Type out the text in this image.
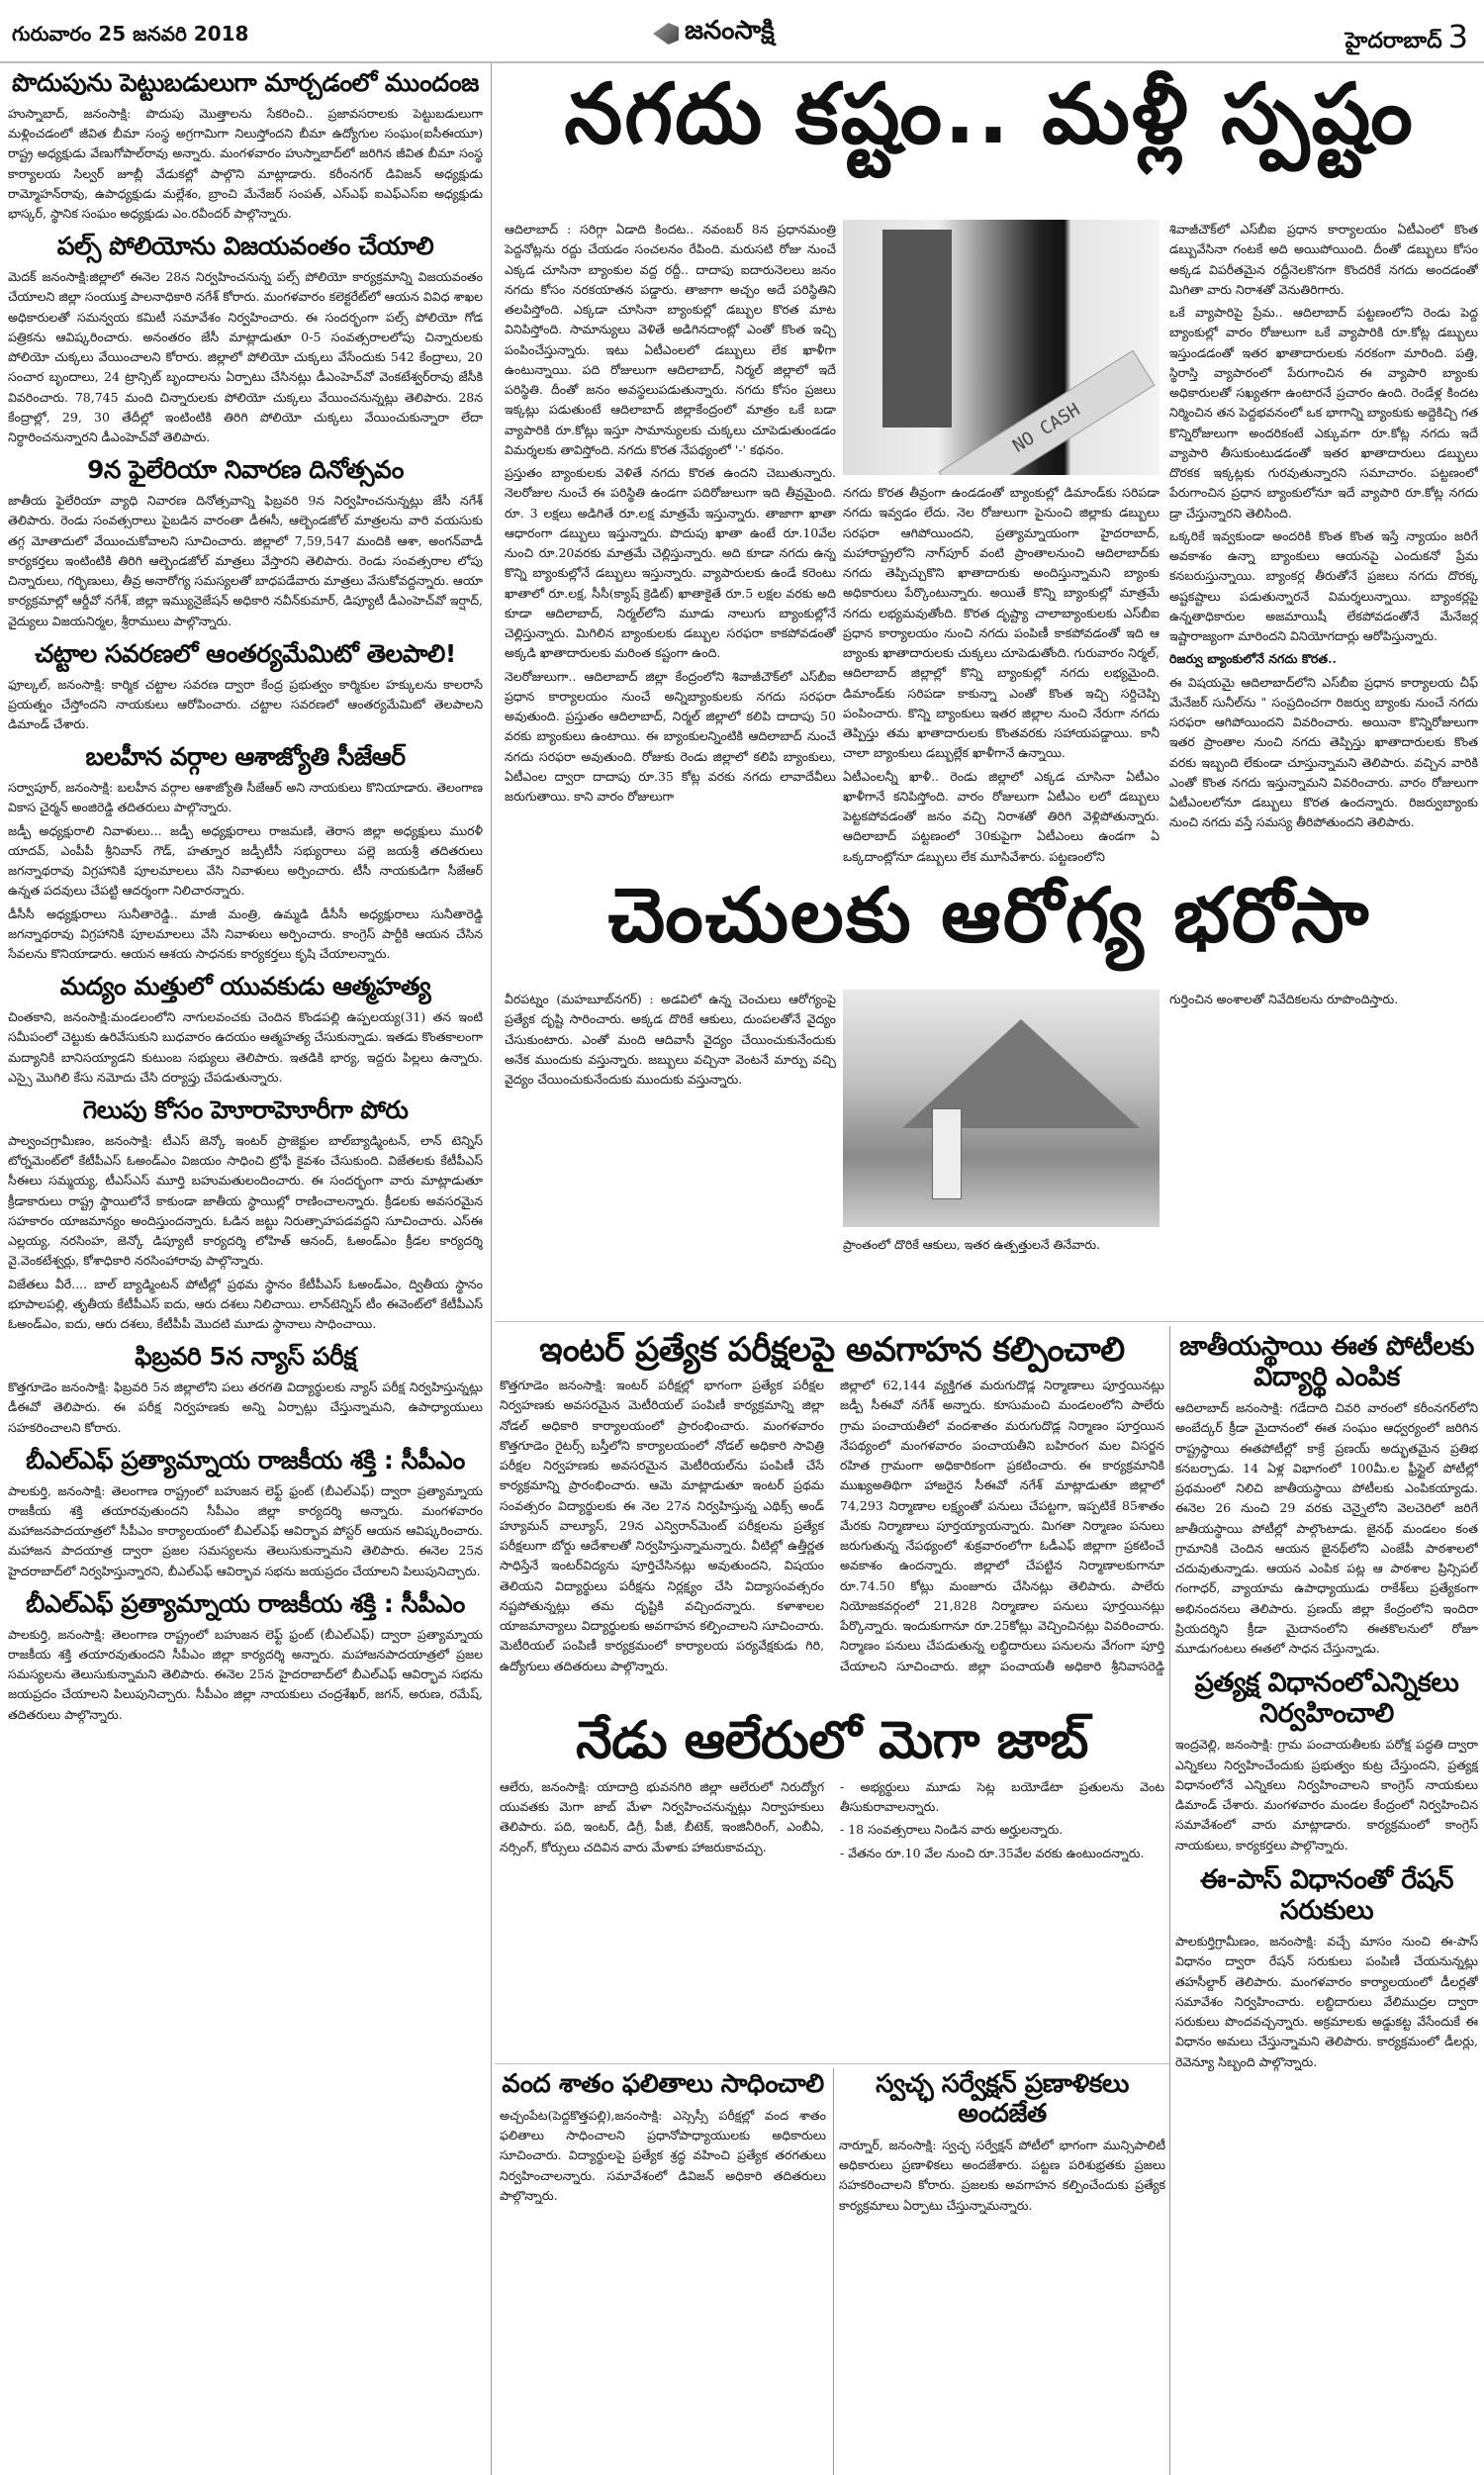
గురువారం 25 జనవరి 2018	జనంసాక్షి	హైదరాబాద్ 3
పొదుపును పెట్టుబడులుగా మార్చడంలో ముందంజ

హుస్నాబాద్, జనంసాక్షి: పొదుపు మొత్తాలను సేకరించి.. ప్రజావసరాలకు పెట్టుబడులుగా మళ్లించడంలో జీవిత బీమా సంస్థ అగ్రగామిగా నిలుస్తోందని బీమా ఉద్యోగుల సంఘం(ఐసీఈయూ) రాష్ట్ర అధ్యక్షుడు వేణుగోపాల్‌రావు అన్నారు. మంగళవారం హుస్నాబాద్‌లో జరిగిన జీవిత బీమా సంస్థ కార్యాలయ సిల్వర్ జూబ్లీ వేడుకల్లో పాల్గొని మాట్లాడారు. కరీంనగర్ డివిజన్ అధ్యక్షుడు రామ్మోహన్‌రావు, ఉపాధ్యక్షుడు మల్లేశం, బ్రాంచి మేనేజర్ సంపత్, ఎస్‌ఎఫ్ ఐఎఫ్‌ఎస్ఐ అధ్యక్షుడు భాస్కర్, స్థానిక సంఘం అధ్యక్షుడు ఎం.రవీందర్ పాల్గొన్నారు.

పల్స్ పోలియోను విజయవంతం చేయాలి

మెదక్ జనంసాక్షి:జిల్లాలో ఈనెల 28న నిర్వహించనున్న పల్స్ పోలియో కార్యక్రమాన్ని విజయవంతం చేయాలని జిల్లా సంయుక్త పాలనాధికారి నగేశ్ కోరారు. మంగళవారం కలెక్టరేట్‌లో ఆయన వివిధ శాఖల అధికారులతో సమన్వయ కమిటీ సమావేశం నిర్వహించారు. ఈ సందర్భంగా పల్స్ పోలియో గోడ పత్రికను ఆవిష్కరించారు. అనంతరం జేసీ మాట్లాడుతూ 0-5 సంవత్సరాలలోపు చిన్నారులకు పోలియో చుక్కలు వేయించాలని కోరారు. జిల్లాలో పోలియో చుక్కలు వేసేందుకు 542 కేంద్రాలు, 20 సంచార బృందాలు, 24 ట్రాన్సిట్ బృందాలను ఏర్పాటు చేసినట్లు డీఎంహెచ్‌వో వెంకటేశ్వర్‌రావు జేసీకి వివరించారు. 78,745 మంది చిన్నారులకు పోలియో చుక్కలు వేయించనున్నట్లు తెలిపారు. 28న కేంద్రాల్లో, 29, 30 తేదీల్లో ఇంటింటికి తిరిగి పోలియో చుక్కలు వేయించుకున్నారా లేదా నిర్ధారించనున్నారని డీఎంహెచ్‌వో తెలిపారు.

9న ఫైలేరియా నివారణ దినోత్సవం

జాతీయ ఫైలేరియా వ్యాధి నివారణ దినోత్సవాన్ని ఫిబ్రవరి 9న నిర్వహించనున్నట్లు జేసీ నగేశ్ తెలిపారు. రెండు సంవత్సరాలు పైబడిన వారంతా డీఈసీ, ఆల్బెండజోల్ మాత్రలను వారి వయసుకు తగ్గ మోతాదులో వేయించుకోవాలని సూచించారు. జిల్లాలో 7,59,547 మందికి ఆశా, అంగన్‌వాడీ కార్యకర్తలు ఇంటింటికి తిరిగి ఆల్బెండజోల్ మాత్రలు వేస్తారని తెలిపారు. రెండు సంవత్సరాల లోపు చిన్నారులు, గర్భిణులు, తీవ్ర అనారోగ్య సమస్యలతో బాధపడేవారు మాత్రలు వేసుకోవద్దన్నారు. ఆయా కార్యక్రమాల్లో ఆర్డీవో నగేశ్, జిల్లా ఇమ్యునైజేషన్ అధికారి నవీన్‌కుమార్, డిప్యూటీ డీఎంహెచ్‌వో ఇర్షాద్, వైద్యులు విజయనిర్మల, శ్రీరాములు పాల్గొన్నారు.

చట్టాల సవరణలో ఆంతర్యమేమిటో తెలపాలి!

ఫూల్కల్, జనంసాక్షి: కార్మిక చట్టాల సవరణ ద్వారా కేంద్ర ప్రభుత్వం కార్మికుల హక్కులను కాలరాసే ప్రయత్నం చేస్తోందని నాయకులు ఆరోపించారు. చట్టాల సవరణలో ఆంతర్యమేమిటో తెలపాలని డిమాండ్ చేశారు.

బలహీన వర్గాల ఆశాజ్యోతి సీజేఆర్

సర్వాపూర్, జనంసాక్షి: బలహీన వర్గాల ఆశాజ్యోతి సీజేఆర్ అని నాయకులు కొనియాడారు. తెలంగాణ వికాస చైర్మన్ అంజిరెడ్డి తదితరులు పాల్గొన్నారు.

జడ్పీ అధ్యక్షురాలి నివాళులు... జడ్పీ అధ్యక్షురాలు రాజమణి, తెరాస జిల్లా అధ్యక్షులు మురళీ యాదవ్, ఎంపీపీ శ్రీనివాస్ గౌడ్, హత్నూర జడ్పీటీసీ సభ్యురాలు పల్లె జయశ్రీ తదితరులు జగన్నాథరావు విగ్రహానికి పూలమాలలు వేసి నివాళులు అర్పించారు. టీసీ నాయకుడిగా సీజేఆర్ ఉన్నత పదవులు చేపట్టి ఆదర్శంగా నిలిచారన్నారు.

డీసీసీ అధ్యక్షురాలు సునీతారెడ్డి.. మాజీ మంత్రి, ఉమ్మడి డీసీసీ అధ్యక్షురాలు సునీతారెడ్డి జగన్నాథరావు విగ్రహానికి పూలమాలలు వేసి నివాళులు అర్పించారు. కాంగ్రెస్ పార్టీకి ఆయన చేసిన సేవలను కొనియాడారు. ఆయన ఆశయ సాధనకు కార్యకర్తలు కృషి చేయాలన్నారు.

మద్యం మత్తులో యువకుడు ఆత్మహత్య

చింతకాని, జనంసాక్షి:మండలంలోని నాగులవంచకు చెందిన కొండపల్లి ఉప్పలయ్య(31) తన ఇంటి సమీపంలో చెట్టుకు ఉరివేసుకుని బుధవారం ఉదయం ఆత్మహత్య చేసుకున్నాడు. ఇతడు కొంతకాలంగా మద్యానికి బానిసయ్యాడని కుటుంబ సభ్యులు తెలిపారు. ఇతడికి భార్య, ఇద్దరు పిల్లలు ఉన్నారు. ఎస్సై మొగిలి కేసు నమోదు చేసి దర్యాప్తు చేపడుతున్నారు.

గెలుపు కోసం హెూరాహెూరీగా పోరు

పాల్వంచగ్రామీణం, జనంసాక్షి: టీఎస్ జెన్కో ఇంటర్ ప్రాజెక్టుల బాల్‌బ్యాడ్మింటన్, లాన్ టెన్నిస్ టోర్నమెంట్‌లో కేటీపీఎస్ ఓఅండ్ఎం విజయం సాధించి ట్రోఫీ కైవశం చేసుకుంది. విజేతలకు కేటీపీఎస్ సీఈలు సమ్మయ్య, టీఎస్‌ఎస్ మూర్తి బహుమతులందించారు. ఈ సందర్భంగా వారు మాట్లాడుతూ క్రీడాకారులు రాష్ట్ర స్థాయిలోనే కాకుండా జాతీయ స్థాయిల్లో రాణించాలన్నారు. క్రీడలకు అవసరమైన సహకారం యాజమాన్యం అందిస్తుందన్నారు. ఓడిన జట్టు నిరుత్సాహపడవద్దని సూచించారు. ఎస్‌ఈ ఎల్లయ్య, నరసింహ, జెన్కో డిప్యూటీ కార్యదర్శి లోహిత్ ఆనంద్, ఓఅండ్ఎం క్రీడల కార్యదర్శి వై.వెంకటేశ్వర్లు, కోశాధికారి నరసింహారావు పాల్గొన్నారు.

విజేతలు వీరే.... బాల్ బ్యాడ్మింటన్ పోటీల్లో ప్రథమ స్థానం కేటీపీఎస్ ఓఅండ్ఎం, ద్వితీయ స్థానం భూపాలపల్లి, తృతీయ కేటీపీఎస్ ఐదు, ఆరు దశలు నిలిచాయి. లాన్‌టెన్నిస్ టీం ఈవెంట్‌లో కేటీపీఎస్ ఓఅండ్ఎం, ఐదు, ఆరు దశలు, కేటీపీపీ మొదటి మూడు స్థానాలు సాధించాయి.

ఫిబ్రవరి 5న న్యాస్ పరీక్ష

కొత్తగూడెం జనంసాక్షి: ఫిబ్రవరి 5న జిల్లాలోని పలు తరగతి విద్యార్థులకు న్యాస్ పరీక్ష నిర్వహిస్తున్నట్లు డీఈవో తెలిపారు. ఈ పరీక్ష నిర్వహణకు అన్ని ఏర్పాట్లు చేస్తున్నామని, ఉపాధ్యాయులు సహకరించాలని కోరారు.

బీఎల్ఎఫ్ ప్రత్యామ్నాయ రాజకీయ శక్తి : సీపీఎం

పాలకుర్తి, జనంసాక్షి: తెలంగాణ రాష్ట్రంలో బహుజన లెఫ్ట్ ఫ్రంట్ (బీఎల్ఎఫ్) ద్వారా ప్రత్యామ్నాయ రాజకీయ శక్తి తయారవుతుందని సీపీఎం జిల్లా కార్యదర్శి అన్నారు. మంగళవారం మహాజనపాదయాత్రలో సీపీఎం కార్యాలయంలో బీఎల్ఎఫ్ ఆవిర్భావ పోస్టర్ ఆయన ఆవిష్కరించారు. మహాజన పాదయాత్ర ద్వారా ప్రజల సమస్యలను తెలుసుకున్నామని తెలిపారు. ఈనెల 25న హైదరాబాద్‌లో నిర్వహిస్తున్నారని, బీఎల్ఎఫ్ ఆవిర్భావ సభను జయప్రదం చేయాలని పిలుపునిచ్చారు.

బీఎల్ఎఫ్ ప్రత్యామ్నాయ రాజకీయ శక్తి : సీపీఎం

పాలకుర్తి, జనంసాక్షి: తెలంగాణ రాష్ట్రంలో బహుజన లెఫ్ట్ ఫ్రంట్ (బీఎల్ఎఫ్) ద్వారా ప్రత్యామ్నాయ రాజకీయ శక్తి తయారవుతుందని సీపీఎం జిల్లా కార్యదర్శి అన్నారు. మహాజనపాదయాత్రలో ప్రజల సమస్యలను తెలుసుకున్నామని తెలిపారు. ఈనెల 25న హైదరాబాద్‌లో బీఎల్ఎఫ్ ఆవిర్భావ సభను జయప్రదం చేయాలని పిలుపునిచ్చారు. సీపీఎం జిల్లా నాయకులు చంద్రశేఖర్, జగన్, అరుణ, రమేష్, తదితరులు పాల్గొన్నారు.

నగదు కష్టం.. మళ్లీ స్పష్టం

ఆదిలాబాద్ : సరిగ్గా ఏడాది కిందట.. నవంబర్ 8న ప్రధానమంత్రి పెద్దనోట్లను రద్దు చేయడం సంచలనం రేపింది. మరుసటి రోజు నుంచే ఎక్కడ చూసినా బ్యాంకుల వద్ద రద్దీ.. దాదాపు ఐదారునెలలు జనం నగదు కోసం నరకయాతన పడ్డారు. తాజాగా అచ్చం అదే పరిస్థితిని తలపిస్తోంది. ఎక్కడా చూసినా బ్యాంకుల్లో డబ్బుల కొరత మాట వినిపిస్తోంది. సామాన్యులు వెళితే అడిగినదాంట్లో ఎంతో కొంత ఇచ్చి పంపించేస్తున్నారు. ఇటు ఏటీఎంలలో డబ్బులు లేక ఖాళీగా ఉంటున్నాయి. పది రోజులుగా ఆదిలాబాద్, నిర్మల్ జిల్లాలో ఇదే పరిస్థితి. దీంతో జనం అవస్థలుపడుతున్నారు. నగదు కోసం ప్రజలు ఇక్కట్లు పడుతుంటే ఆదిలాబాద్ జిల్లాకేంద్రంలో మాత్రం ఒకే బడా వ్యాపారికి రూ.కోట్లు ఇస్తూ సామాన్యులకు చుక్కలు చూపెడుతుండడం విమర్శలకు తావిస్తోంది. నగదు కొరత నేపథ్యంలో '-' కథనం.

ప్రస్తుతం బ్యాంకులకు వెళితే నగదు కొరత ఉందని చెబుతున్నారు. నెలరోజుల నుంచే ఈ పరిస్థితి ఉండగా పదిరోజులుగా ఇది తీవ్రమైంది. రూ. 3 లక్షలు అడిగితే రూ.లక్ష మాత్రమే ఇస్తున్నారు. తాజాగా ఖాతా ఆధారంగా డబ్బులు ఇస్తున్నారు. పొదుపు ఖాతా ఉంటే రూ.10వేల నుంచి రూ.20వరకు మాత్రమే చెల్లిస్తున్నారు. అది కూడా నగదు ఉన్న కొన్ని బ్యాంకుల్లోనే డబ్బులు ఇస్తున్నారు. వ్యాపారులకు ఉండే కరెంటు ఖాతాలో రూ.లక్ష, సీసీ(క్యాష్ క్రెడిట్) ఖాతాకైతే రూ.5 లక్షల వరకు అది కూడా ఆదిలాబాద్, నిర్మల్‌లోని మూడు నాలుగు బ్యాంకుల్లోనే చెల్లిస్తున్నారు. మిగిలిన బ్యాంకులకు డబ్బుల సరఫరా కాకపోవడంతో అక్కడి ఖాతాదారులకు మరింత కష్టంగా ఉంది.

నెలరోజులుగా.. ఆదిలాబాద్ జిల్లా కేంద్రంలోని శివాజీచౌక్‌లో ఎస్‌బీఐ ప్రధాన కార్యాలయం నుంచే అన్నిబ్యాంకులకు నగదు సరఫరా అవుతుంది. ప్రస్తుతం ఆదిలాబాద్, నిర్మల్ జిల్లాలో కలిపి దాదాపు 50 వరకు బ్యాంకులు ఉంటాయి. ఈ బ్యాంకులన్నింటికి ఆదిలాబాద్ నుంచే నగదు సరఫరా అవుతుంది. రోజుకు రెండు జిల్లాలో కలిపి బ్యాంకులు, ఏటీఎంల ద్వారా దాదాపు రూ.35 కోట్ల వరకు నగదు లావాదేవీలు జరుగుతాయి. కాని వారం రోజులుగా

NO CASH

నగదు కొరత తీవ్రంగా ఉండడంతో బ్యాంకుల్లో డిమాండ్‌కు సరిపడా నగదు ఇవ్వడం లేదు. నెల రోజులుగా పైనుంచి జిల్లాకు డబ్బులు సరఫరా ఆగిపోయిందని, ప్రత్యామ్నాయంగా హైదరాబాద్, మహారాష్ట్రలోని నాగ్‌పూర్ వంటి ప్రాంతాలనుంచి ఆదిలాబాద్‌కు నగదు తెప్పిచ్చుకొని ఖాతాదారుకు అందిస్తున్నామని బ్యాంకు అధికారులు పేర్కొంటున్నారు. అయితే కొన్ని బ్యాంకుల్లో మాత్రమే నగదు లభ్యమవుతోంది. కొరత దృష్ట్యా చాలాబ్యాంకులకు ఎస్‌బీఐ ప్రధాన కార్యాలయం నుంచి నగదు పంపిణీ కాకపోవడంతో ఇది ఆ బ్యాంకు ఖాతాదారులకు చుక్కలు చూపెడుతోంది. గురువారం నిర్మల్, ఆదిలాబాద్ జిల్లాల్లో కొన్ని బ్యాంకుల్లో నగదు లభ్యమైంది. డిమాండ్‌కు సరిపడా కాకున్నా ఎంతో కొంత ఇచ్చి సర్దిచెప్పి పంపించారు. కొన్ని బ్యాంకులు ఇతర జిల్లాల నుంచి నేరుగా నగదు తెప్పిస్తు తమ ఖాతాదారులకు కొంతవరకు సహాయపడ్డాయి. కానీ చాలా బ్యాంకులు డబ్బుల్లేక ఖాళీగానే ఉన్నాయి.

ఏటీఎంలన్నీ ఖాళీ.. రెండు జిల్లాలో ఎక్కడ చూసినా ఏటీఎం ఖాళీగానే కనిపిస్తోంది. వారం రోజులుగా ఏటీఎం లలో డబ్బులు పెట్టకపోవడంతో జనం వచ్చి నిరాశతో తిరిగి వెళ్లిపోతున్నారు. ఆదిలాబాద్ పట్టణంలో 30కుపైగా ఏటీఎంలు ఉండగా ఏ ఒక్కదాంట్లోనూ డబ్బులు లేక మూసివేశారు. పట్టణంలోని

శివాజీచౌక్‌లో ఎస్‌బీఐ ప్రధాన కార్యాలయం ఏటీఎంలో కొంత డబ్బువేసినా గంటకే అది అయిపోయింది. దీంతో డబ్బులు కోసం అక్కడ విపరీతమైన రద్దీనెలకొనగా కొందరికే నగదు అందడంతో మిగితా వారు నిరాశతో వెనుతిరిగారు.

ఒకే వ్యాపారిపై ప్రేమ.. ఆదిలాబాద్ పట్టణంలోని రెండు పెద్ద బ్యాంకుల్లో వారం రోజులుగా ఒకే వ్యాపారికి రూ.కోట్ల డబ్బులు ఇస్తుండడంతో ఇతర ఖాతాదారులకు నరకంగా మారింది. పత్తి, స్థిరాస్తి వ్యాపారంలో పేరుగాంచిన ఈ వ్యాపారి బ్యాంకు అధికారులతో సఖ్యతగా ఉంటారనే ప్రచారం ఉంది. రెండేళ్ల కిందట నిర్మించిన తన పెద్దభవనంలో ఒక భాగాన్ని బ్యాంకుకు అద్దెకిచ్చి గత కొన్నిరోజులుగా అందరికంటే ఎక్కువగా రూ.కోట్ల నగదు ఇదే వ్యాపారి తీసుకుంటుడడంతో ఇతర ఖాతాదారులు డబ్బులు దొరకక ఇక్కట్లకు గురవుతున్నారని సమాచారం. పట్టణంలో పేరుగాంచిన ప్రధాన బ్యాంకులోనూ ఇదే వ్యాపారి రూ.కోట్ల నగదు డ్రా చేస్తున్నారని తెలిసింది.

ఒక్కరికే ఇవ్వకుండా అందరికి కొంత కొంత ఇస్తే న్యాయం జరిగే అవకాశం ఉన్నా బ్యాంకులు ఆయనపై ఎందుకనో ప్రేమ కనబరుస్తున్నాయి. బ్యాంకర్ల తీరుతోనే ప్రజలు నగదు దొరక్క అష్టకష్టాలు పడుతున్నారనే విమర్శలున్నాయి. బ్యాంకర్లపై ఉన్నతాధికారుల అజమాయిషీ లేకపోవడంతోనే మేనేజర్ల ఇష్టారాజ్యంగా మారిందని వినియోగదార్లు ఆరోపిస్తున్నారు.

రిజర్వు బ్యాంకులోనే నగదు కొరత..

ఈ విషయమై ఆదిలాబాద్‌లోని ఎస్‌బీఐ ప్రధాన కార్యాలయ చీఫ్ మేనేజర్ సునీల్‌ను " సంప్రదించగా రిజర్వు బ్యాంకు నుంచే నగదు సరఫరా ఆగిపోయిందని వివరించారు. అయినా కొన్నిరోజులుగా ఇతర ప్రాంతాల నుంచి నగదు తెప్పిస్తు ఖాతాదారులకు కొంత వరకు ఇబ్బంది లేకుండా చూస్తున్నామని తెలిపారు. వచ్చిన వారికి ఎంతో కొంత నగదు ఇస్తున్నామని వివరించారు. వారం రోజులుగా ఏటీఎంలలోనూ డబ్బులు కొరత ఉందన్నారు. రిజర్వుబ్యాంకు నుంచి నగదు వస్తే సమస్య తీరిపోతుందని తెలిపారు.

చెంచులకు ఆరోగ్య భరోసా

వీరపట్నం (మహబూబ్‌నగర్) : అడవిలో ఉన్న చెంచులు ఆరోగ్యంపై ప్రత్యేక దృష్టి సారించారు. అక్కడ దొరికే ఆకులు, దుంపలతోనే వైద్యం చేసుకుంటారు. ఎంతో మంది ఆదివాసీ వైద్యం చేయించుకునేందుకు అనేక ముందుకు వస్తున్నారు. జబ్బులు వచ్చినా వెంటనే మార్పు వచ్చి వైద్యం చేయించుకునేందుకు ముందుకు వస్తున్నారు.

ప్రాంతంలో దొరికే ఆకులు, ఇతర ఉత్పత్తులనే తినేవారు.

గుర్తించిన అంశాలతో నివేదికలను రూపొందిస్తారు.

ఇంటర్ ప్రత్యేక పరీక్షలపై అవగాహన కల్పించాలి

కొత్తగూడెం జనంసాక్షి: ఇంటర్ పరీక్షల్లో భాగంగా ప్రత్యేక పరీక్షల నిర్వహణకు అవసరమైన మెటీరియల్ పంపిణీ కార్యక్రమాన్ని జిల్లా నోడల్ అధికారి కార్యాలయంలో ప్రారంభించారు. మంగళవారం కొత్తగూడెం రైటర్స్ బస్తీలోని కార్యాలయంలో నోడల్ అధికారి సావిత్రి పరీక్షల నిర్వహణకు అవసరమైన మెటీరియల్‌ను పంపిణీ చేసే కార్యక్రమాన్ని ప్రారంభించారు. ఆమె మాట్లాడుతూ ఇంటర్ ప్రథమ సంవత్సరం విద్యార్థులకు ఈ నెల 27న నిర్వహిస్తున్న ఎథిక్స్ అండ్ హ్యూమన్ వాల్యూస్, 29న ఎన్విరాన్‌మెంట్ పరీక్షలను ప్రత్యేక పరీక్షలుగా బోర్డు ఆదేశాలతో నిర్వహిస్తున్నామన్నారు. వీటిల్లో ఉత్తీర్ణత సాధిస్తేనే ఇంటర్‌విద్యను పూర్తిచేసినట్లు అవుతుందని, విషయం తెలియని విద్యార్థులు పరీక్షను నిర్లక్ష్యం చేసి విద్యాసంవత్సరం నష్టపోతున్నట్లు తమ దృష్టికి వచ్చిందన్నారు. కళాశాలల యాజమాన్యాలు విద్యార్థులకు అవగాహన కల్పించాలని సూచించారు. మెటీరియల్ పంపిణీ కార్యక్రమంలో కార్యాలయ పర్యవేక్షకుడు గిరి, ఉద్యోగులు తదితరులు పాల్గొన్నారు.

జిల్లాలో 62,144 వ్యక్తిగత మరుగుదొడ్ల నిర్మాణాలు పూర్తయినట్లు జడ్పీ సీఈవో నగేశ్ అన్నారు. కూసుమంచి మండలంలోని పాలేరు గ్రామ పంచాయతీలో వందశాతం మరుగుదొడ్ల నిర్మాణం పూర్తయిన నేపథ్యంలో మంగళవారం పంచాయతీని బహిరంగ మల విసర్జన రహిత గ్రామంగా అధికారికంగా ప్రకటించారు. ఈ కార్యక్రమానికి ముఖ్యఅతిథిగా హాజరైన సీఈవో నగేశ్ మాట్లాడుతూ జిల్లాలో 74,293 నిర్మాణాల లక్ష్యంతో పనులు చేపట్టగా, ఇప్పటికే 85శాతం మేరకు నిర్మాణాలు పూర్తయ్యాయన్నారు. మిగతా నిర్మాణం పనులు జరుగుతున్న నేపథ్యంలో శుక్రవారంలోగా ఓడీఎఫ్ జిల్లాగా ప్రకటించే అవకాశం ఉందన్నారు. జిల్లాలో చేపట్టిన నిర్మాణాలకుగానూ రూ.74.50 కోట్లు మంజూరు చేసినట్లు తెలిపారు. పాలేరు నియోజకవర్గంలో 21,828 నిర్మాణాల పనులు పూర్తయినట్లు పేర్కొన్నారు. ఇందుకుగానూ రూ.25కోట్లు వెచ్చించినట్లు వివరించారు. నిర్మాణం పనులు చేపడుతున్న లబ్ధిదారులు పనులను వేగంగా పూర్తి చేయాలని సూచించారు. జిల్లా పంచాయతీ అధికారి శ్రీనివాసరెడ్డి

నేడు ఆలేరులో మెగా జాబ్

ఆలేరు, జనంసాక్షి: యాదాద్రి భువనగిరి జిల్లా ఆలేరులో నిరుద్యోగ యువతకు మెగా జాబ్ మేళా నిర్వహించనున్నట్లు నిర్వాహకులు తెలిపారు. పది, ఇంటర్, డిగ్రీ, పీజీ, బీటెక్, ఇంజినీరింగ్, ఎంబీఏ, నర్సింగ్, కోర్సులు చదివిన వారు మేళాకు హాజరుకావచ్చు.

- అభ్యర్థులు మూడు సెట్ల బయోడేటా ప్రతులను వెంట తీసుకురావాలన్నారు.

- 18 సంవత్సరాలు నిండిన వారు అర్హులన్నారు.

- వేతనం రూ.10 వేల నుంచి రూ.35వేల వరకు ఉంటుందన్నారు.

వంద శాతం ఫలితాలు సాధించాలి

అచ్చంపేట(పెద్దకొత్తపల్లి),జనంసాక్షి: ఎస్సెస్సీ పరీక్షల్లో వంద శాతం ఫలితాలు సాధించాలని ప్రధానోపాధ్యాయులకు అధికారులు సూచించారు. విద్యార్థులపై ప్రత్యేక శ్రద్ధ వహించి ప్రత్యేక తరగతులు నిర్వహించాలన్నారు. సమావేశంలో డివిజన్ అధికారి తదితరులు పాల్గొన్నారు.

స్వచ్ఛ సర్వేక్షన్ ప్రణాళికలు అందజేత

నార్నూర్, జనంసాక్షి: స్వచ్ఛ సర్వేక్షన్ పోటీలో భాగంగా మున్సిపాలిటీ అధికారులు ప్రణాళికలు అందజేశారు. పట్టణ పరిశుభ్రతకు ప్రజలు సహకరించాలని కోరారు. ప్రజలకు అవగాహన కల్పించేందుకు ప్రత్యేక కార్యక్రమాలు ఏర్పాటు చేస్తున్నామన్నారు.

జాతీయస్థాయి ఈత పోటీలకు విద్యార్థి ఎంపిక

ఆదిలాబాద్ జనంసాక్షి: గడేదాది చివరి వారంలో కరీంనగర్‌లోని అంబేద్కర్ క్రీడా మైదానంలో ఈత సంఘం ఆధ్వర్యంలో జరిగిన రాష్ట్రస్థాయి ఈతపోటీల్లో కాక్రే ప్రణయ్ అద్భుతమైన ప్రతిభ కనబర్చాడు. 14 ఏళ్ల విభాగంలో 100మీ.ల ఫ్రీస్టైల్ పోటీల్లో ప్రథమంలో నిలిచి జాతీయస్థాయి పోటీలకు ఎంపికయ్యాడు. ఈనెల 26 నుంచి 29 వరకు చెన్నైలోని వెలచెరిలో జరిగే జాతీయస్థాయి పోటీల్లో పాల్గొంటాడు. జైనథ్ మండలం కంత గ్రామానికి చెందిన ఆయన జైనథ్‌లోని ఎంజేపీ పాఠశాలలో చదువుతున్నాడు. ఆయన ఎంపిక పట్ల ఆ పాఠశాల ప్రిన్సిపల్ గంగాధర్, వ్యాయామ ఉపాధ్యాయుడు రాకేశ్‌లు ప్రత్యేకంగా అభినందనలు తెలిపారు. ప్రణయ్ జిల్లా కేంద్రంలోని ఇందిరా ప్రియదర్శిని క్రీడా మైదానంలోని ఈతకొలనులో రోజూ మూడుగంటలు ఈతలో సాధన చేస్తున్నాడు.

ప్రత్యక్ష విధానంలోఎన్నికలు నిర్వహించాలి

ఇంద్రవెల్లి, జనంసాక్షి: గ్రామ పంచాయతీలకు పరోక్ష పద్ధతి ద్వారా ఎన్నికలు నిర్వహించేందుకు ప్రభుత్వం కుట్ర చేస్తుందని, ప్రత్యక్ష విధానంలోనే ఎన్నికలు నిర్వహించాలని కాంగ్రెస్ నాయకులు డిమాండ్ చేశారు. మంగళవారం మండల కేంద్రంలో నిర్వహించిన సమావేశంలో వారు మాట్లాడారు. కార్యక్రమంలో కాంగ్రెస్ నాయకులు, కార్యకర్తలు పాల్గొన్నారు.

ఈ-పాస్ విధానంతో రేషన్ సరుకులు

పాలకుర్తిగ్రామీణం, జనంసాక్షి: వచ్చే మాసం నుంచి ఈ-పాస్ విధానం ద్వారా రేషన్ సరుకులు పంపిణీ చేయనున్నట్లు తహసీల్దార్ తెలిపారు. మంగళవారం కార్యాలయంలో డీలర్లతో సమావేశం నిర్వహించారు. లబ్ధిదారులు వేలిముద్రల ద్వారా సరుకులు పొందవచ్చన్నారు. అక్రమాలకు అడ్డుకట్ట వేసేందుకే ఈ విధానం అమలు చేస్తున్నామని తెలిపారు. కార్యక్రమంలో డీలర్లు, రెవెన్యూ సిబ్బంది పాల్గొన్నారు.
